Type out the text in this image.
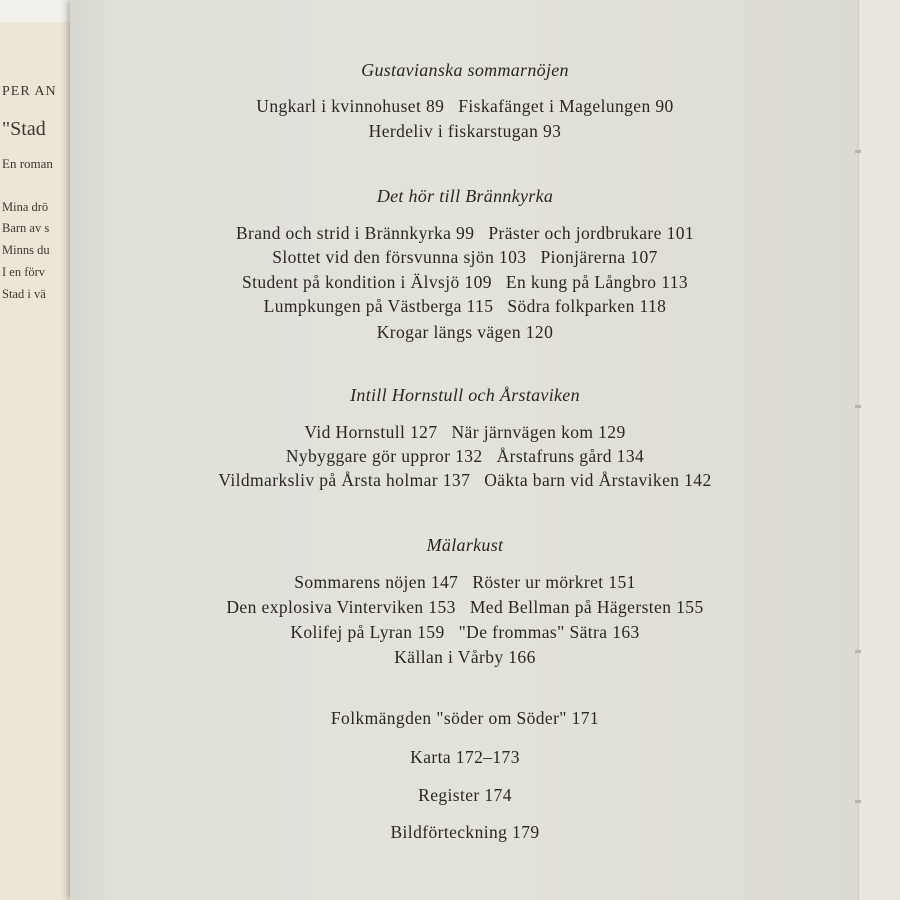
PER AN
"Stad
En roman
Mina drö
Barn av s
Minns du
I en förv
Stad i vä
Gustavianska sommarnöjen
Ungkarl i kvinnohuset 89 Fiskafänget i Magelungen 90
Herdeliv i fiskarstugan 93
Det hör till Brännkyrka
Brand och strid i Brännkyrka 99 Präster och jordbrukare 101
Slottet vid den försvunna sjön 103 Pionjärerna 107
Student på kondition i Älvsjö 109 En kung på Långbro 113
Lumpkungen på Västberga 115 Södra folkparken 118
Krogar längs vägen 120
Intill Hornstull och Årstaviken
Vid Hornstull 127 När järnvägen kom 129
Nybyggare gör uppror 132 Årstafruns gård 134
Vildmarksliv på Årsta holmar 137 Oäkta barn vid Årstaviken 142
Mälarkust
Sommarens nöjen 147 Röster ur mörkret 151
Den explosiva Vinterviken 153 Med Bellman på Hägersten 155
Kolifej på Lyran 159 "De frommas" Sätra 163
Källan i Vårby 166
Folkmängden "söder om Söder" 171
Karta 172–173
Register 174
Bildförteckning 179
